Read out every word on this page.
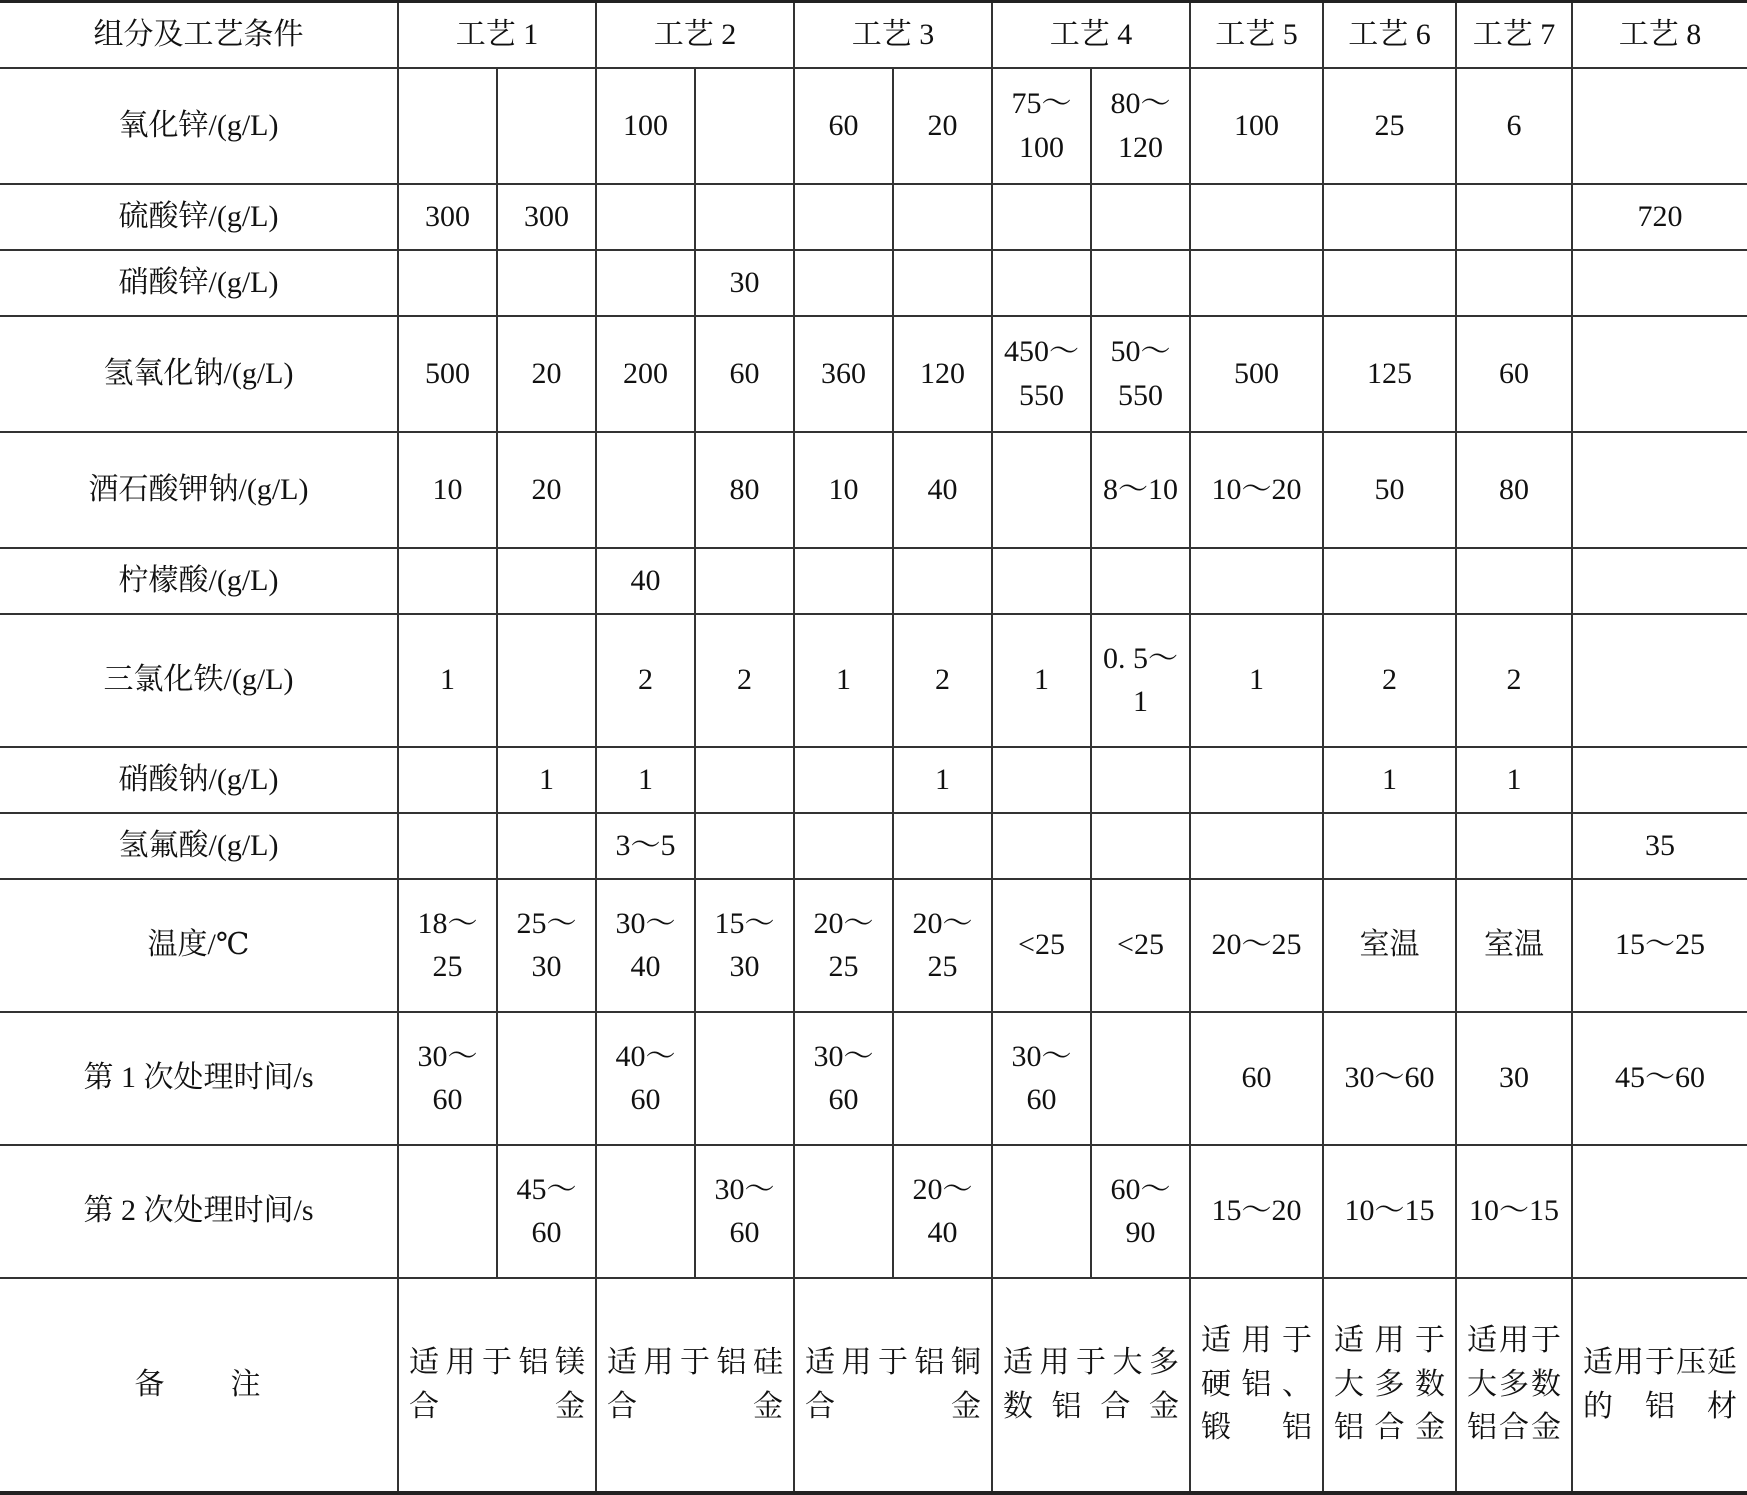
组分及工艺条件	工艺 1		工艺 2		工艺 3		工艺 4		工艺 5	工艺 6	工艺 7	工艺 8
氧化锌/(g/L)			100		60	20	75～100	80～120	100	25	6	
硫酸锌/(g/L)	300	300										720
硝酸锌/(g/L)				30								
氢氧化钠/(g/L)	500	20	200	60	360	120	450～550	50～550	500	125	60	
酒石酸钾钠/(g/L)	10	20		80	10	40		8～10	10～20	50	80	
柠檬酸/(g/L)			40									
三氯化铁/(g/L)	1		2	2	1	2	1	0. 5～1	1	2	2	
硝酸钠/(g/L)		1	1			1				1	1	
氢氟酸/(g/L)			3～5									35
温度/℃	18～25	25～30	30～40	15～30	20～25	20～25	<25	<25	20～25	室温	室温	15～25
第 1 次处理时间/s	30～60		40～60		30～60		30～60		60	30～60	30	45～60
第 2 次处理时间/s		45～60		30～60		20～40		60～90	15～20	10～15	10～15	
备　　注	适用于铝镁合金		适用于铝硅合金		适用于铝铜合金		适用于大多数铝合金		适用于硬铝、锻铝	适用于大多数铝合金	适用于大多数铝合金	适用于压延的铝材
